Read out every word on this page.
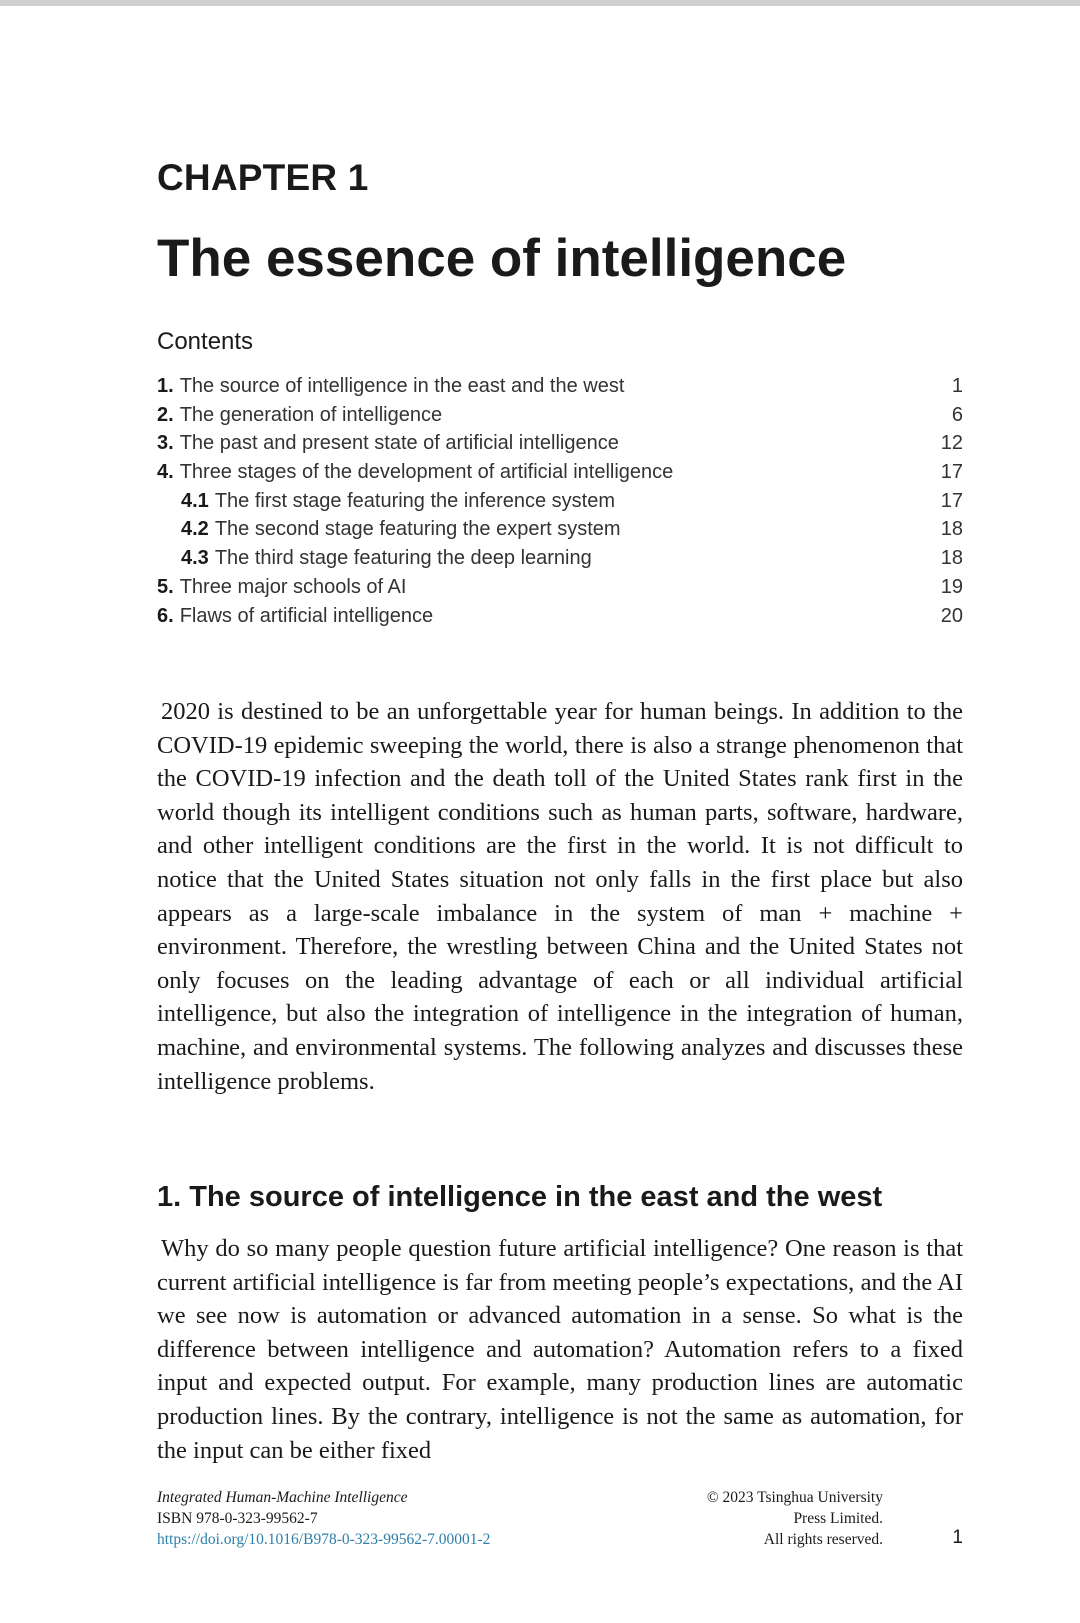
CHAPTER 1
The essence of intelligence
Contents
1. The source of intelligence in the east and the west	1
2. The generation of intelligence	6
3. The past and present state of artificial intelligence	12
4. Three stages of the development of artificial intelligence	17
4.1 The first stage featuring the inference system	17
4.2 The second stage featuring the expert system	18
4.3 The third stage featuring the deep learning	18
5. Three major schools of AI	19
6. Flaws of artificial intelligence	20

2020 is destined to be an unforgettable year for human beings. In addition to the COVID-19 epidemic sweeping the world, there is also a strange phenomenon that the COVID-19 infection and the death toll of the United States rank first in the world though its intelligent conditions such as human parts, software, hardware, and other intelligent conditions are the first in the world. It is not difficult to notice that the United States situation not only falls in the first place but also appears as a large-scale imbalance in the system of man + machine + environment. Therefore, the wrestling between China and the United States not only focuses on the leading advantage of each or all individual artificial intelligence, but also the integration of intelligence in the integration of human, machine, and environmental systems. The following analyzes and discusses these intelligence problems.

1. The source of intelligence in the east and the west

Why do so many people question future artificial intelligence? One reason is that current artificial intelligence is far from meeting people’s expectations, and the AI we see now is automation or advanced automation in a sense. So what is the difference between intelligence and automation? Automation refers to a fixed input and expected output. For example, many production lines are automatic production lines. By the contrary, intelligence is not the same as automation, for the input can be either fixed

Integrated Human-Machine Intelligence
ISBN 978-0-323-99562-7
https://doi.org/10.1016/B978-0-323-99562-7.00001-2
© 2023 Tsinghua University
Press Limited.
All rights reserved.	1
